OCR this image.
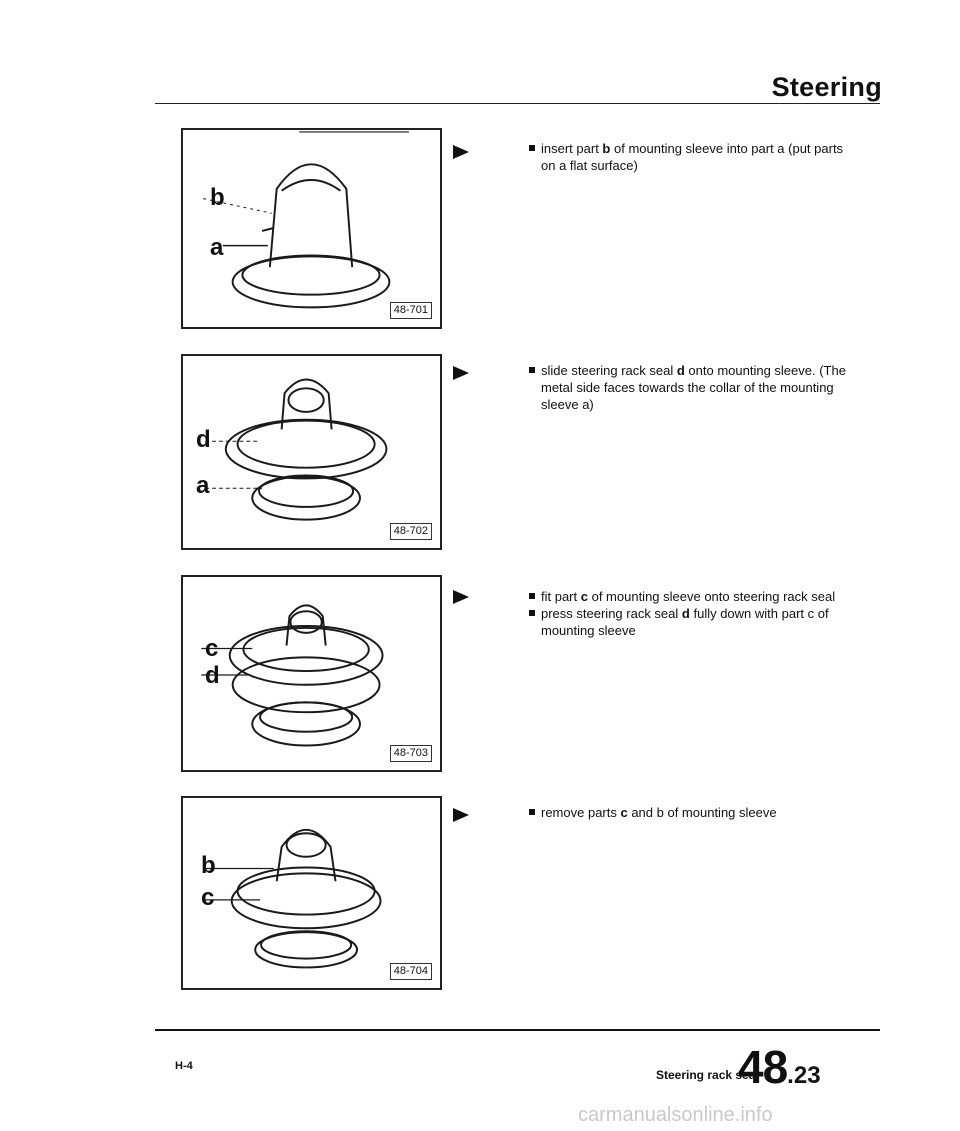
Steering
b
a
48-701
insert part b of mounting sleeve into part a (put parts on a flat surface)
d
a
48-702
slide steering rack seal d onto mounting sleeve. (The metal side faces towards the collar of the mounting sleeve a)
c
d
48-703
fit part c of mounting sleeve onto steering rack seal
press steering rack seal d fully down with part c of mounting sleeve
b
c
48-704
remove parts c and b of mounting sleeve
H-4
Steering rack seal
48.23
carmanualsonline.info
